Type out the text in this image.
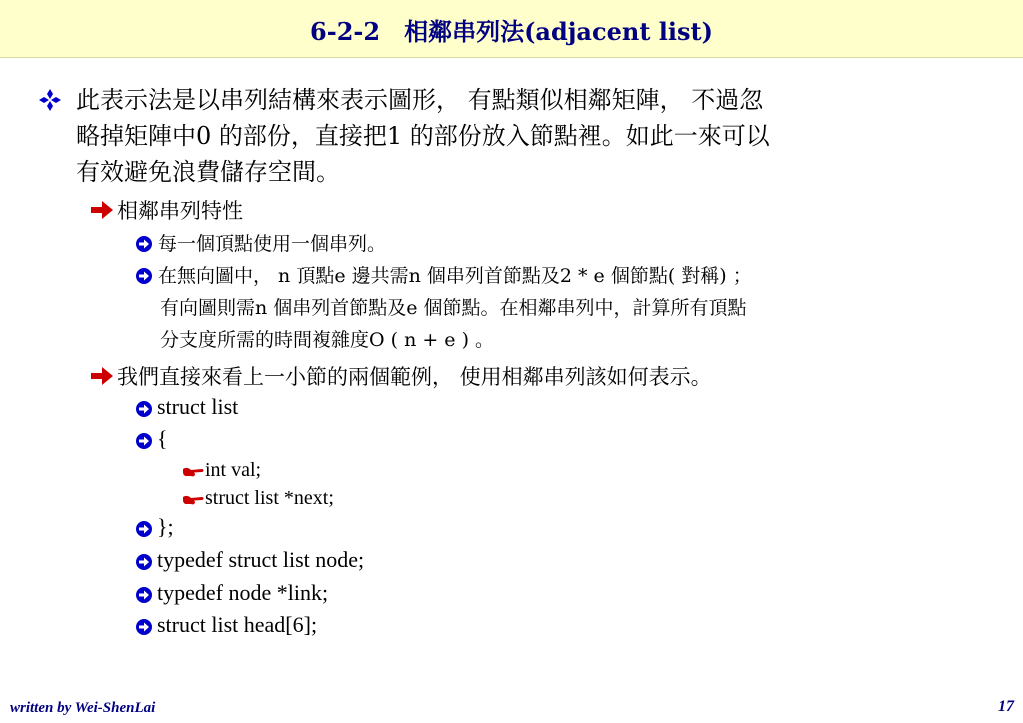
6-2-2　相鄰串列法(adjacent list)
此表示法是以串列結構來表示圖形， 有點類似相鄰矩陣， 不過忽
略掉矩陣中0 的部份，直接把1 的部份放入節點裡。如此一來可以
有效避免浪費儲存空間。
相鄰串列特性
每一個頂點使用一個串列。
在無向圖中， n 頂點e 邊共需n 個串列首節點及2 * e 個節點( 對稱) ；
有向圖則需n 個串列首節點及e 個節點。在相鄰串列中，計算所有頂點
分支度所需的時間複雜度O ( n + e ) 。
我們直接來看上一小節的兩個範例， 使用相鄰串列該如何表示。
struct list
{
int val;
struct list *next;
};
typedef struct list node;
typedef node *link;
struct list head[6];
written by Wei-ShenLai	17
